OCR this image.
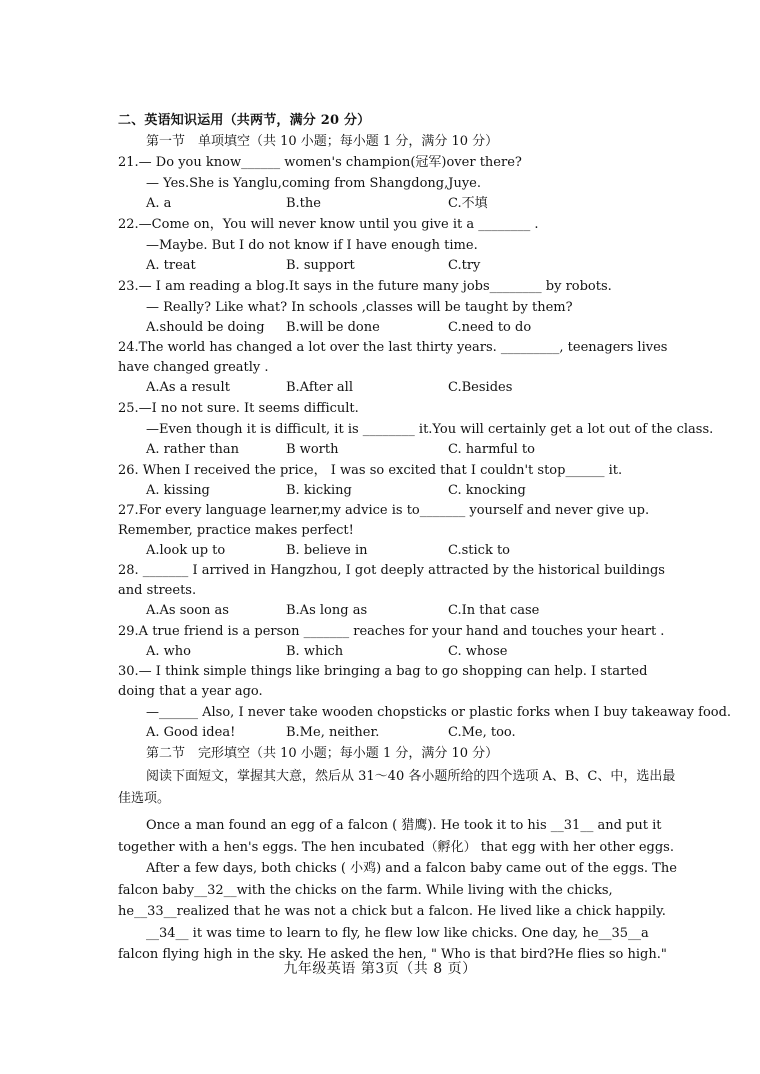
二、英语知识运用（共两节，满分 20 分）
第一节　单项填空（共 10 小题；每小题 1 分，满分 10 分）
21.— Do you know______ women's champion(冠军)over there?
— Yes.She is Yanglu,coming from Shangdong,Juye.
A. a	B.the	C.不填
22.—Come on，You will never know until you give it a ________ .
—Maybe. But I do not know if I have enough time.
A. treat	B. support	C.try
23.— I am reading a blog.It says in the future many jobs________ by robots.
— Really? Like what? In schools ,classes will be taught by them?
A.should be doing	B.will be done	C.need to do
24.The world has changed a lot over the last thirty years. _________, teenagers lives have changed greatly .
A.As a result	B.After all	C.Besides
25.—I no not sure. It seems difficult.
—Even though it is difficult, it is ________ it.You will certainly get a lot out of the class.
A. rather than	B worth	C. harmful to
26. When I received the price， I was so excited that I couldn't stop______ it.
A. kissing	B. kicking	C. knocking
27.For every language learner,my advice is to_______ yourself and never give up. Remember, practice makes perfect!
A.look up to	B. believe in	C.stick to
28. _______ I arrived in Hangzhou, I got deeply attracted by the historical buildings and streets.
A.As soon as	B.As long as	C.In that case
29.A true friend is a person _______ reaches for your hand and touches your heart .
A. who	B. which	C. whose
30.— I think simple things like bringing a bag to go shopping can help. I started doing that a year ago.
—______ Also, I never take wooden chopsticks or plastic forks when I buy takeaway food.
A. Good idea!	B.Me, neither.	C.Me, too.
第二节　完形填空（共 10 小题；每小题 1 分，满分 10 分）
阅读下面短文，掌握其大意，然后从 31～40 各小题所给的四个选项 A、B、C、中，选出最佳选项。
Once a man found an egg of a falcon ( 猎鹰). He took it to his __31__ and put it together with a hen's eggs. The hen incubated（孵化） that egg with her other eggs.
After a few days, both chicks ( 小鸡) and a falcon baby came out of the eggs. The falcon baby__32__with the chicks on the farm. While living with the chicks, he__33__realized that he was not a chick but a falcon. He lived like a chick happily.
__34__ it was time to learn to fly, he flew low like chicks. One day, he__35__a falcon flying high in the sky. He asked the hen, " Who is that bird?He flies so high."
九年级英语 第3页（共 8 页）
